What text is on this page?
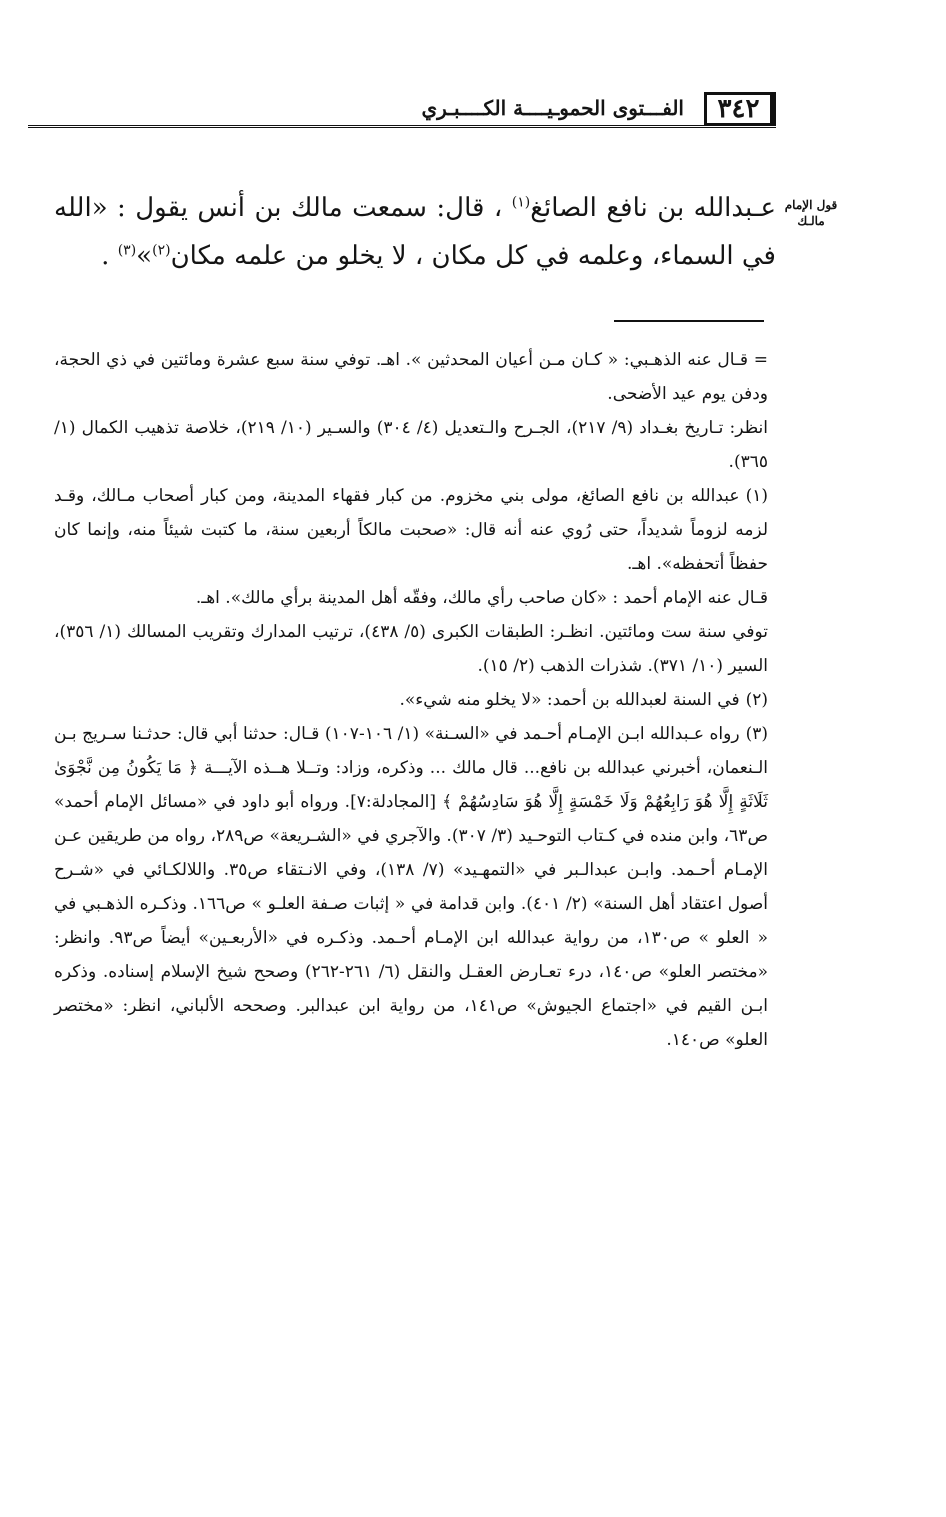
٣٤٢
الفـــتوى الحموـيــــة الكــــبـري
قول الإمام
مالـك
عـبدالله بن نافع الصائغ$^{(١)}$ ، قال: سمعت مالك بن أنس يقول : «الله في السماء، وعلمه في كل مكان ، لا يخلو من علمه مكان$^{(٢)}$»$^{(٣)}$ .

= قـال عنه الذهـبي: « كـان مـن أعيان المحدثين ». اهـ. توفي سنة سبع عشرة ومائتين في ذي الحجة، ودفن يوم عيد الأضحى.

انظر: تـاريخ بغـداد (٩/ ٢١٧)، الجـرح والـتعديل (٤/ ٣٠٤) والسـير (١٠/ ٢١٩)، خلاصة تذهيب الكمال (١/ ٣٦٥).

(١)عبدالله بن نافع الصائغ، مولى بني مخزوم. من كبار فقهاء المدينة، ومن كبار أصحاب مـالك، وقـد لزمه لزوماً شديداً، حتى رُوي عنه أنه قال: «صحبت مالكاً أربعين سنة، ما كتبت شيئاً منه، وإنما كان حفظاً أتحفظه». اهـ.

قـال عنه الإمام أحمد : «كان صاحب رأي مالك، وفقّه أهل المدينة برأي مالك». اهـ.

توفي سنة ست ومائتين. انظـر: الطبقات الكبرى (٥/ ٤٣٨)، ترتيب المدارك وتقريب المسالك (١/ ٣٥٦)، السير (١٠/ ٣٧١). شذرات الذهب (٢/ ١٥).

(٢)في السنة لعبدالله بن أحمد: «لا يخلو منه شيء».

(٣)رواه عـبدالله ابـن الإمـام أحـمد في «السـنة» (١/ ١٠٦-١٠٧) قـال: حدثنا أبي قال: حدثـنا سـريج بـن الـنعمان، أخبرني عبدالله بن نافع... قال مالك ... وذكره، وزاد: وتــلا هــذه الآيـــة ﴿ مَا يَكُونُ مِن نَّجْوَىٰ ثَلَاثَةٍ إِلَّا هُوَ رَابِعُهُمْ وَلَا خَمْسَةٍ إِلَّا هُوَ سَادِسُهُمْ ﴾ [المجادلة:٧]. ورواه أبو داود في «مسائل الإمام أحمد» ص٦٣، وابن منده في كـتاب التوحـيد (٣/ ٣٠٧). والآجري في «الشـريعة» ص٢٨٩، رواه من طريقين عـن الإمـام أحـمد. وابـن عبدالـبر في «التمهـيد» (٧/ ١٣٨)، وفي الانـتقاء ص٣٥. واللالكـائي في «شـرح أصول اعتقاد أهل السنة» (٢/ ٤٠١). وابن قدامة في « إثبات صـفة العلـو » ص١٦٦. وذكـره الذهـبي في « العلو » ص١٣٠، من رواية عبدالله ابن الإمـام أحـمد. وذكـره في «الأربعـين» أيضاً ص٩٣. وانظر: «مختصر العلو» ص١٤٠، درء تعـارض العقـل والنقل (٦/ ٢٦١-٢٦٢) وصحح شيخ الإسلام إسناده. وذكره ابـن القيم في «اجتماع الجيوش» ص١٤١، من رواية ابن عبدالبر. وصححه الألباني، انظر: «مختصر العلو» ص١٤٠.
